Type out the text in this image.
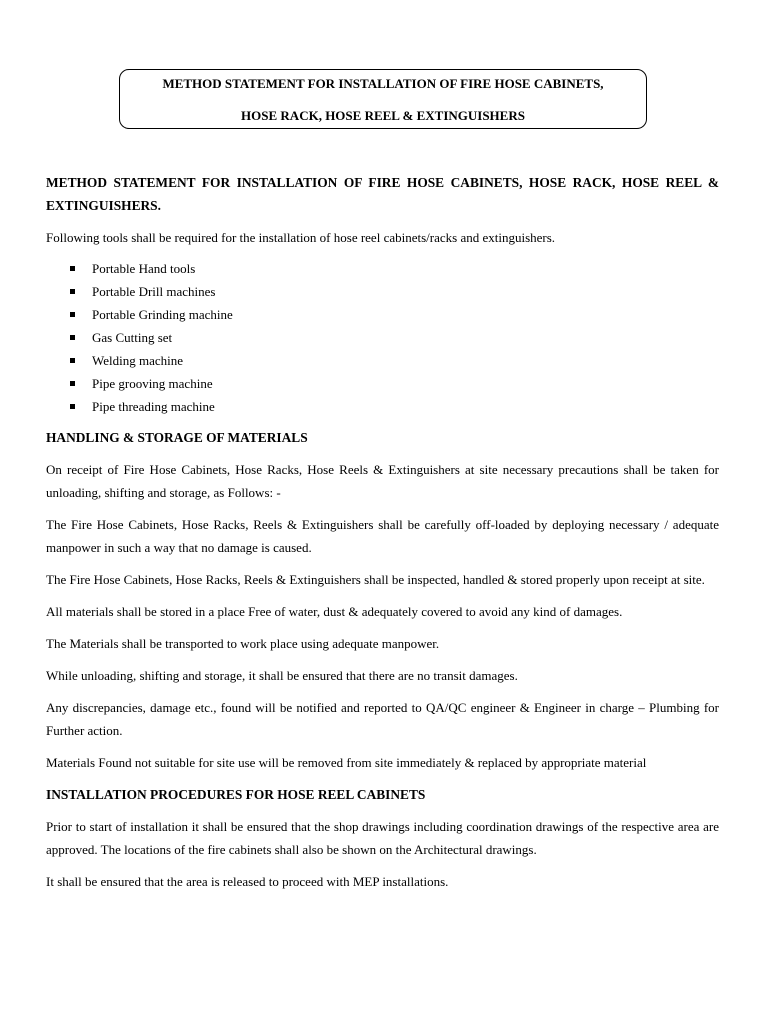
METHOD STATEMENT FOR INSTALLATION OF FIRE HOSE CABINETS,
HOSE RACK, HOSE REEL & EXTINGUISHERS

METHOD STATEMENT FOR INSTALLATION OF FIRE HOSE CABINETS, HOSE RACK, HOSE REEL & EXTINGUISHERS.

Following tools shall be required for the installation of hose reel cabinets/racks and extinguishers.

Portable Hand tools
Portable Drill machines
Portable Grinding machine
Gas Cutting set
Welding machine
Pipe grooving machine
Pipe threading machine

HANDLING & STORAGE OF MATERIALS

On receipt of Fire Hose Cabinets, Hose Racks, Hose Reels & Extinguishers at site necessary precautions shall be taken for unloading, shifting and storage, as Follows: -

The Fire Hose Cabinets, Hose Racks, Reels & Extinguishers shall be carefully off-loaded by deploying necessary / adequate manpower in such a way that no damage is caused.

The Fire Hose Cabinets, Hose Racks, Reels & Extinguishers shall be inspected, handled & stored properly upon receipt at site.

All materials shall be stored in a place Free of water, dust & adequately covered to avoid any kind of damages.

The Materials shall be transported to work place using adequate manpower.

While unloading, shifting and storage, it shall be ensured that there are no transit damages.

Any discrepancies, damage etc., found will be notified and reported to QA/QC engineer & Engineer in charge – Plumbing for Further action.

Materials Found not suitable for site use will be removed from site immediately & replaced by appropriate material

INSTALLATION PROCEDURES FOR HOSE REEL CABINETS

Prior to start of installation it shall be ensured that the shop drawings including coordination drawings of the respective area are approved. The locations of the fire cabinets shall also be shown on the Architectural drawings.

It shall be ensured that the area is released to proceed with MEP installations.
